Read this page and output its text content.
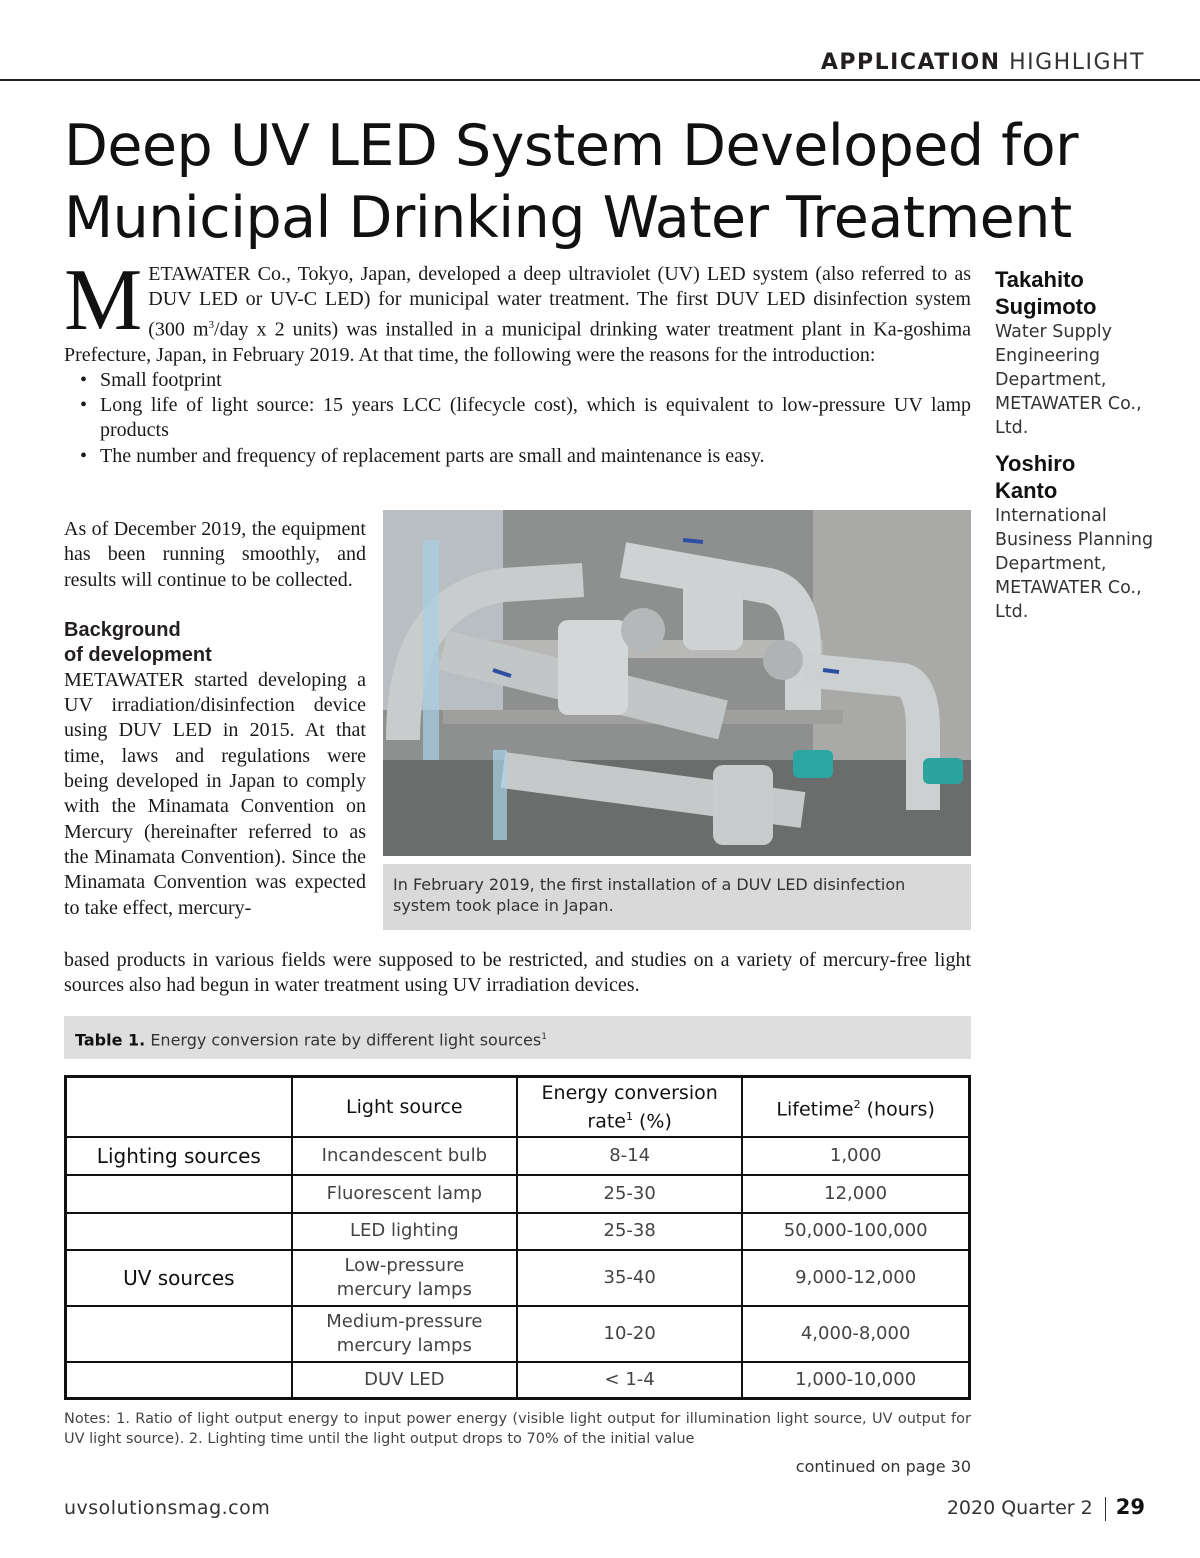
APPLICATION HIGHLIGHT
Deep UV LED System Developed for
Municipal Drinking Water Treatment
M ETAWATER Co., Tokyo, Japan, developed a deep ultraviolet (UV) LED system (also referred to as DUV LED or UV-C LED) for municipal water treatment. The first DUV LED disinfection system (300 $m^3$/day x 2 units) was installed in a municipal drinking water treatment plant in Ka-goshima Prefecture, Japan, in February 2019. At that time, the following were the reasons for the introduction:

• Small footprint
• Long life of light source: 15 years LCC (lifecycle cost), which is equivalent to low-pressure UV lamp products
• The number and frequency of replacement parts are small and maintenance is easy.

As of December 2019, the equipment has been running smoothly, and results will continue to be collected.

Background
of development

METAWATER started developing a UV irradiation/disinfection device using DUV LED in 2015. At that time, laws and regulations were being developed in Japan to comply with the Minamata Convention on Mercury (hereinafter referred to as the Minamata Convention). Since the Minamata Convention was expected to take effect, mercury-

In February 2019, the first installation of a DUV LED disinfection system took place in Japan.

based products in various fields were supposed to be restricted, and studies on a variety of mercury-free light sources also had begun in water treatment using UV irradiation devices.

Table 1. Energy conversion rate by different light sources$^1$
	Light source	Energy conversion
rate$^1$ (%)	Lifetime$^2$ (hours)
Lighting sources	Incandescent bulb	8-14	1,000
	Fluorescent lamp	25-30	12,000
	LED lighting	25-38	50,000-100,000
UV sources	Low-pressure
mercury lamps	35-40	9,000-12,000
	Medium-pressure
mercury lamps	10-20	4,000-8,000
	DUV LED	< 1-4	1,000-10,000

Notes: 1. Ratio of light output energy to input power energy (visible light output for illumination light source, UV output for UV light source). 2. Lighting time until the light output drops to 70% of the initial value

continued on page 30
Takahito
Sugimoto
Water Supply Engineering Department, METAWATER Co., Ltd.
Yoshiro
Kanto
International Business Planning Department, METAWATER Co., Ltd.
uvsolutionsmag.com	2020 Quarter 2 29
